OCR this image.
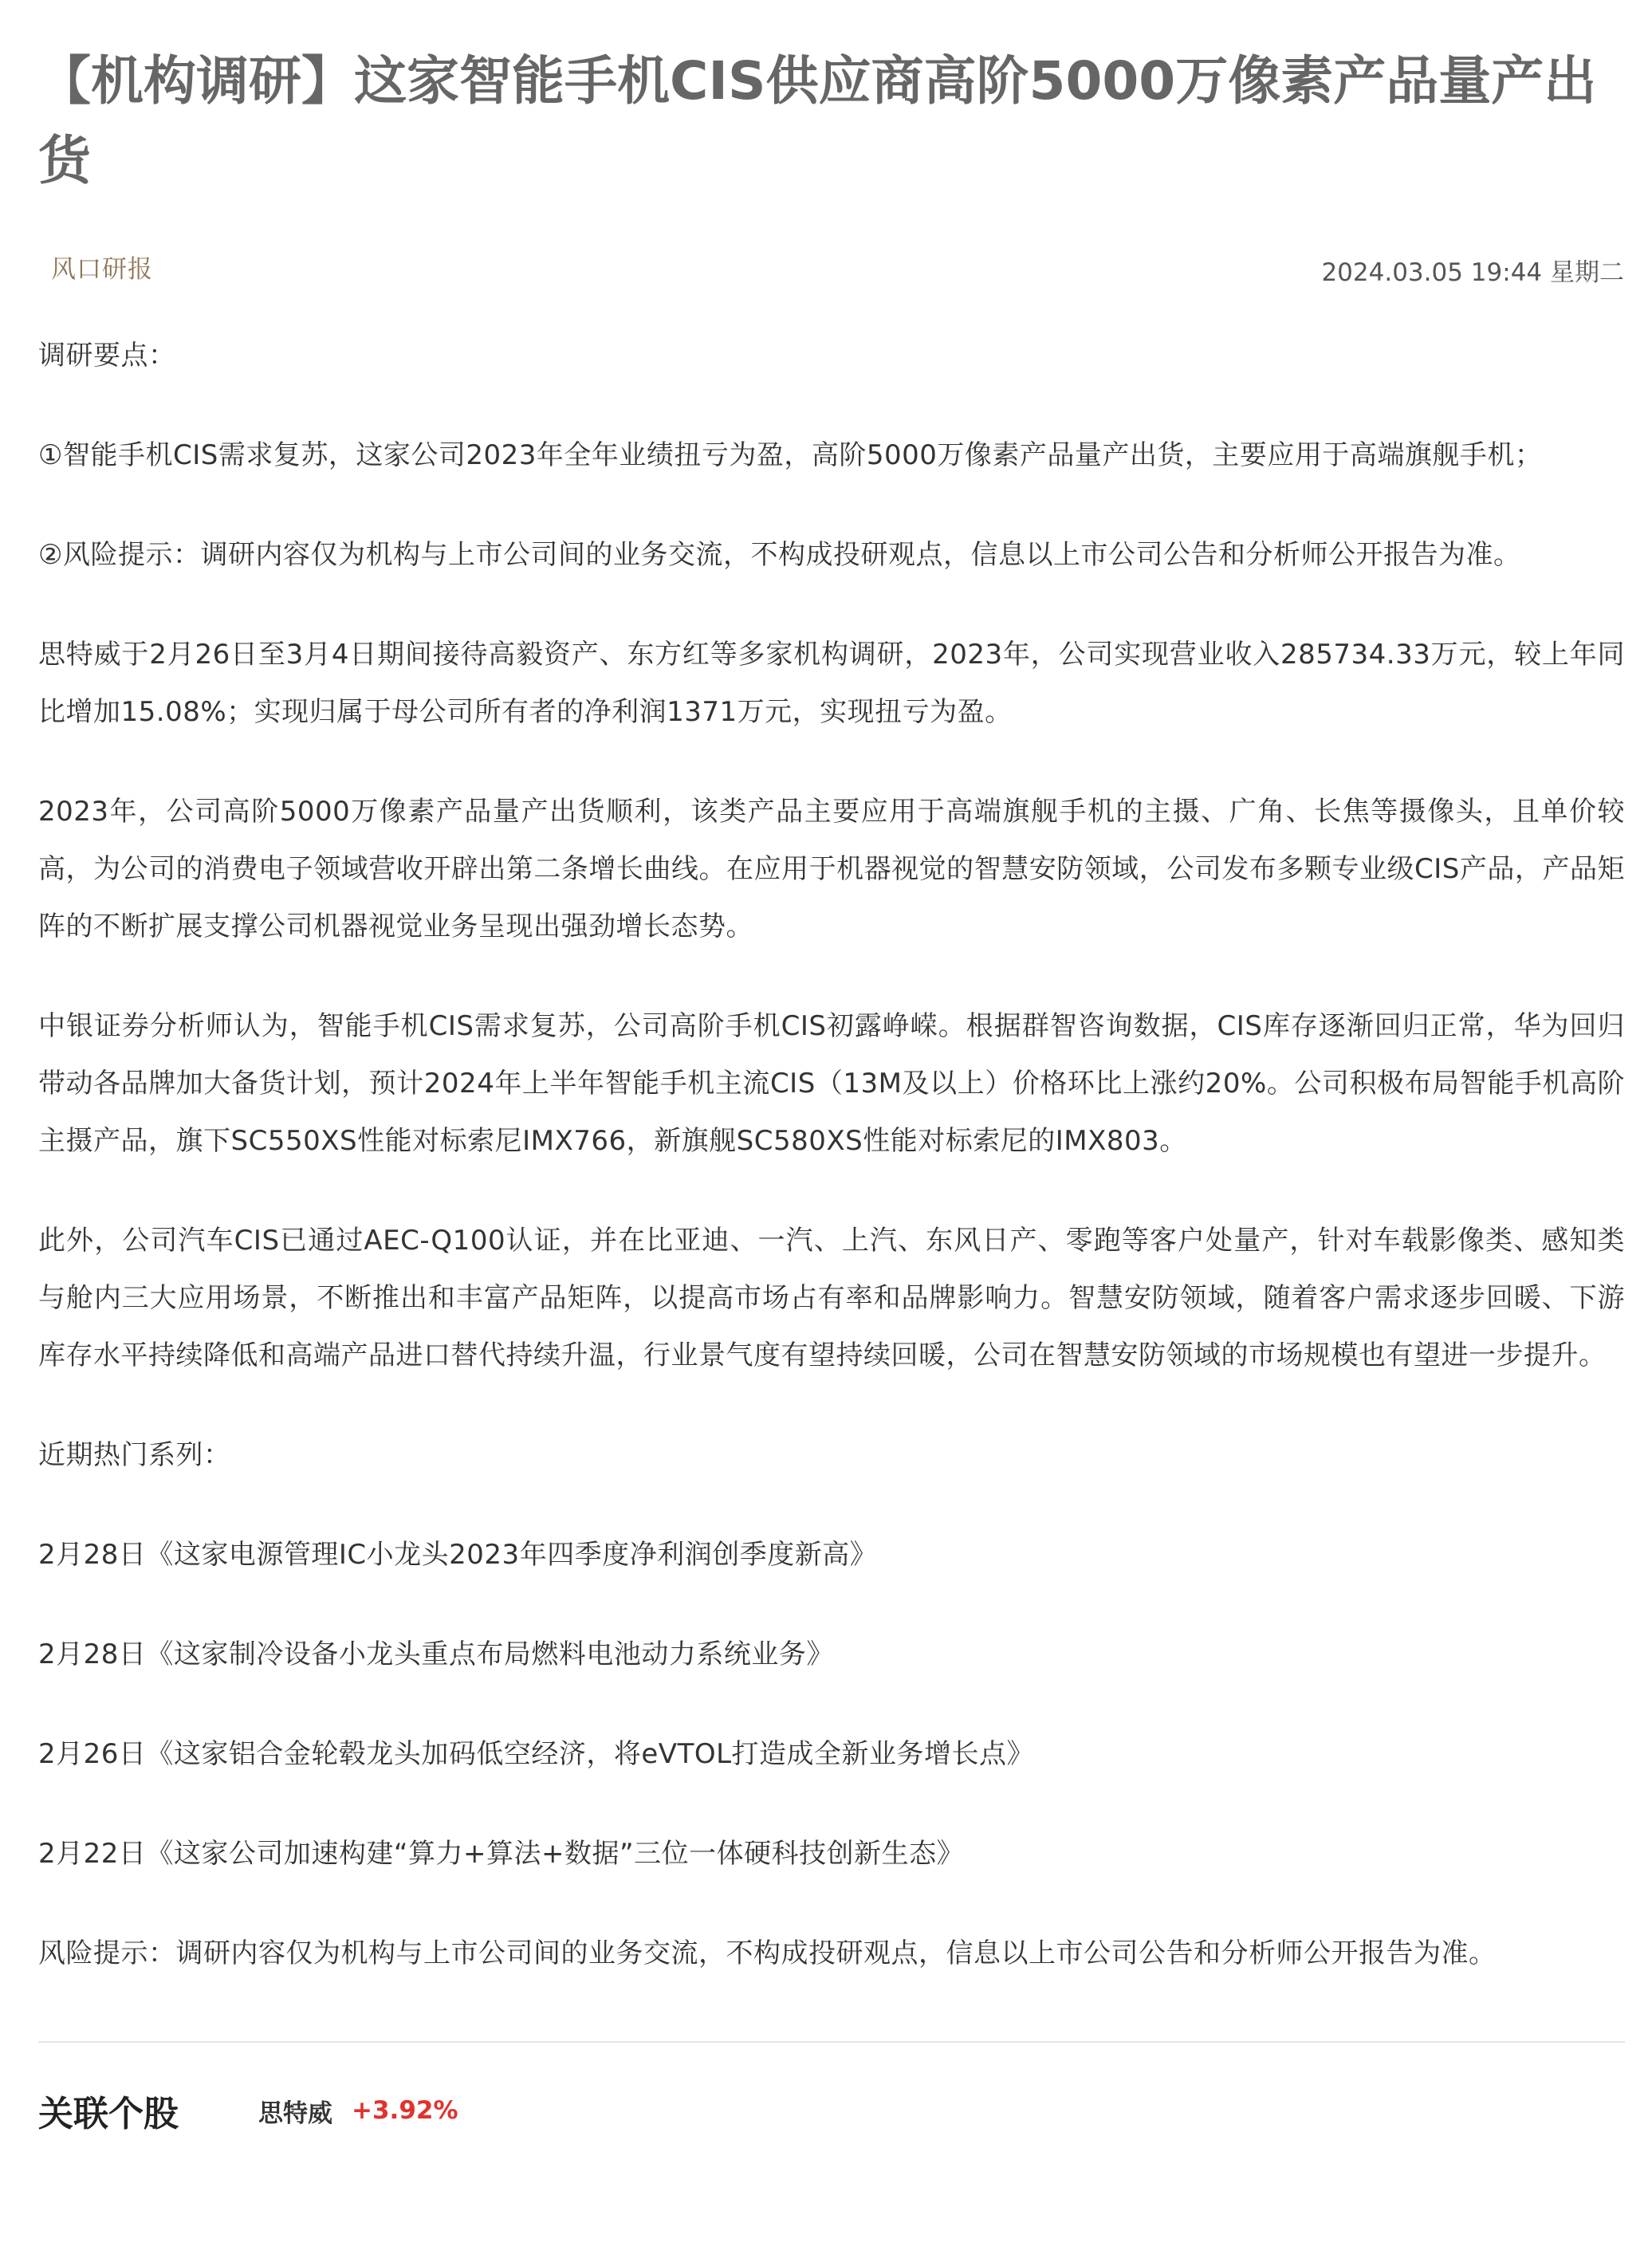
【机构调研】这家智能手机CIS供应商高阶5000万像素产品量产出货
风口研报	2024.03.05 19:44 星期二

调研要点：

①智能手机CIS需求复苏，这家公司2023年全年业绩扭亏为盈，高阶5000万像素产品量产出货，主要应用于高端旗舰手机；

②风险提示：调研内容仅为机构与上市公司间的业务交流，不构成投研观点，信息以上市公司公告和分析师公开报告为准。

思特威于2月26日至3月4日期间接待高毅资产、东方红等多家机构调研，2023年，公司实现营业收入285734.33万元，较上年同比增加15.08%；实现归属于母公司所有者的净利润1371万元，实现扭亏为盈。

2023年，公司高阶5000万像素产品量产出货顺利，该类产品主要应用于高端旗舰手机的主摄、广角、长焦等摄像头，且单价较高，为公司的消费电子领域营收开辟出第二条增长曲线。在应用于机器视觉的智慧安防领域，公司发布多颗专业级CIS产品，产品矩阵的不断扩展支撑公司机器视觉业务呈现出强劲增长态势。

中银证券分析师认为，智能手机CIS需求复苏，公司高阶手机CIS初露峥嵘。根据群智咨询数据，CIS库存逐渐回归正常，华为回归带动各品牌加大备货计划，预计2024年上半年智能手机主流CIS（13M及以上）价格环比上涨约20%。公司积极布局智能手机高阶主摄产品，旗下SC550XS性能对标索尼IMX766，新旗舰SC580XS性能对标索尼的IMX803。

此外，公司汽车CIS已通过AEC-Q100认证，并在比亚迪、一汽、上汽、东风日产、零跑等客户处量产，针对车载影像类、感知类与舱内三大应用场景，不断推出和丰富产品矩阵，以提高市场占有率和品牌影响力。智慧安防领域，随着客户需求逐步回暖、下游库存水平持续降低和高端产品进口替代持续升温，行业景气度有望持续回暖，公司在智慧安防领域的市场规模也有望进一步提升。

近期热门系列：

2月28日《这家电源管理IC小龙头2023年四季度净利润创季度新高》

2月28日《这家制冷设备小龙头重点布局燃料电池动力系统业务》

2月26日《这家铝合金轮毂龙头加码低空经济，将eVTOL打造成全新业务增长点》

2月22日《这家公司加速构建“算力+算法+数据”三位一体硬科技创新生态》

风险提示：调研内容仅为机构与上市公司间的业务交流，不构成投研观点，信息以上市公司公告和分析师公开报告为准。

关联个股	思特威 +3.92%
